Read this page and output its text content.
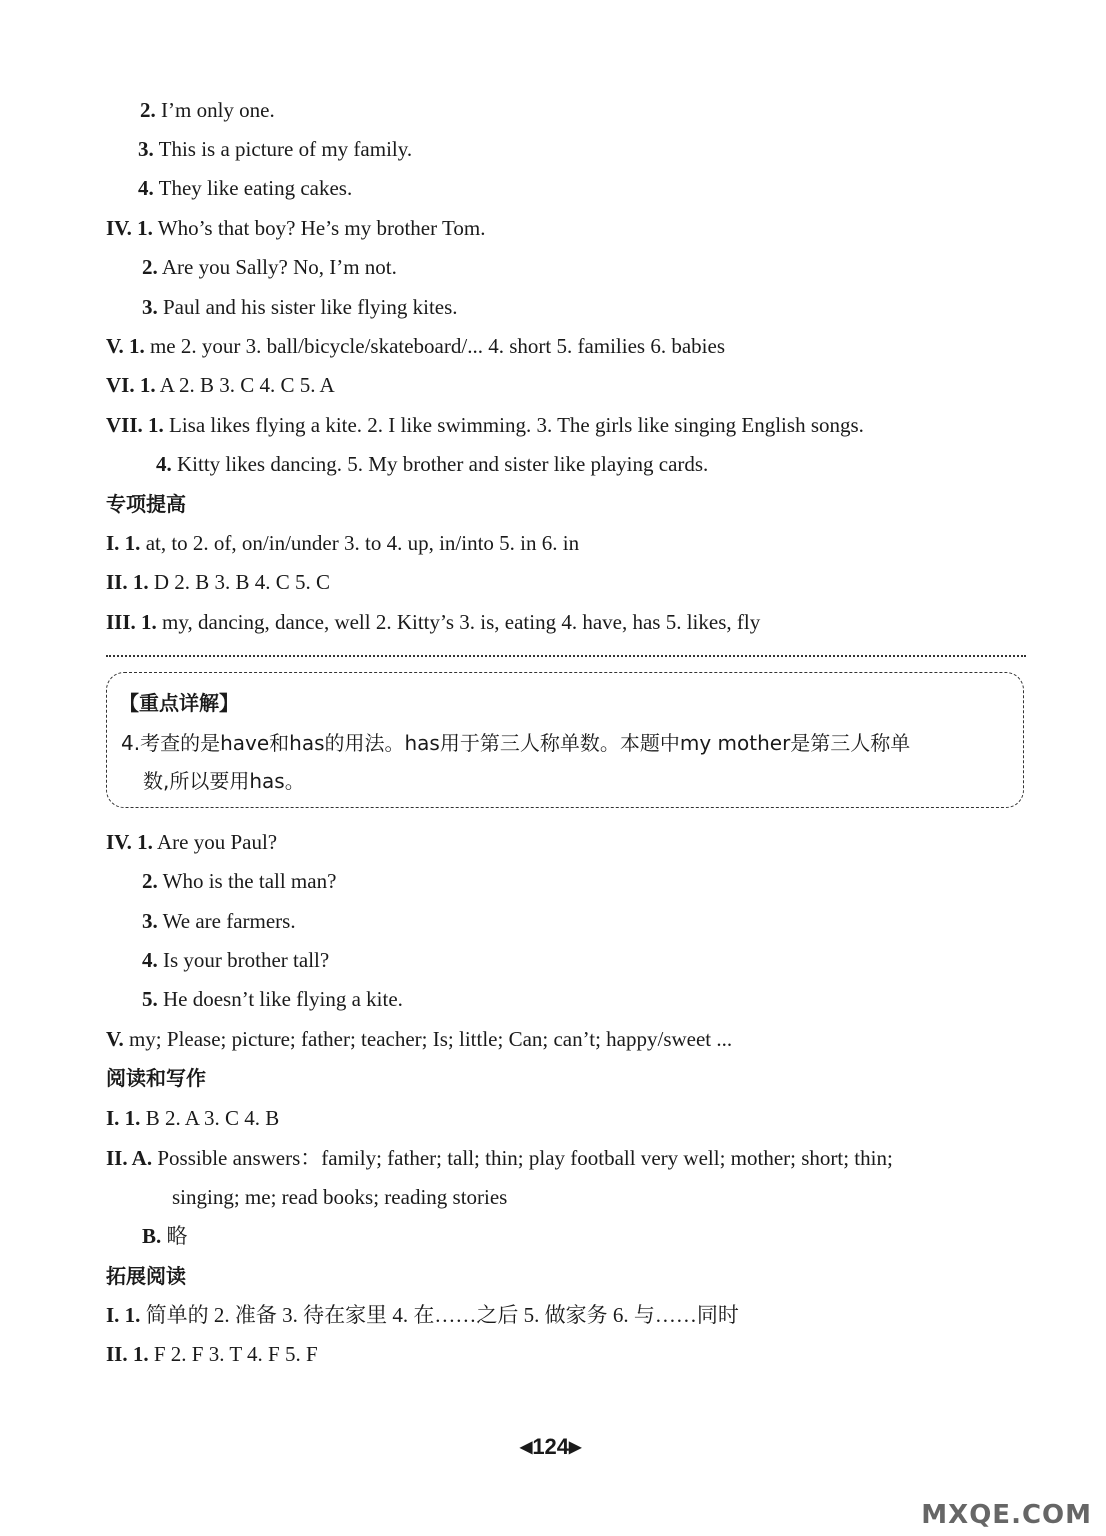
2. I’m only one.
3. This is a picture of my family.
4. They like eating cakes.
IV. 1. Who’s that boy? He’s my brother Tom.
2. Are you Sally? No, I’m not.
3. Paul and his sister like flying kites.
V. 1. me 2. your 3. ball/bicycle/skateboard/... 4. short 5. families 6. babies
VI. 1. A 2. B 3. C 4. C 5. A
VII. 1. Lisa likes flying a kite. 2. I like swimming. 3. The girls like singing English songs.
4. Kitty likes dancing. 5. My brother and sister like playing cards.
专项提高
I. 1. at, to 2. of, on/in/under 3. to 4. up, in/into 5. in 6. in
II. 1. D 2. B 3. B 4. C 5. C
III. 1. my, dancing, dance, well 2. Kitty’s 3. is, eating 4. have, has 5. likes, fly
【重点详解】
4.考查的是have和has的用法。has用于第三人称单数。本题中my mother是第三人称单
数,所以要用has。
IV. 1. Are you Paul?
2. Who is the tall man?
3. We are farmers.
4. Is your brother tall?
5. He doesn’t like flying a kite.
V. my; Please; picture; father; teacher; Is; little; Can; can’t; happy/sweet ...
阅读和写作
I. 1. B 2. A 3. C 4. B
II. A. Possible answers：family; father; tall; thin; play football very well; mother; short; thin;
singing; me; read books; reading stories
B. 略
拓展阅读
I. 1. 简单的 2. 准备 3. 待在家里 4. 在……之后 5. 做家务 6. 与……同时
II. 1. F 2. F 3. T 4. F 5. F
◀124▶
MXQE.COM
